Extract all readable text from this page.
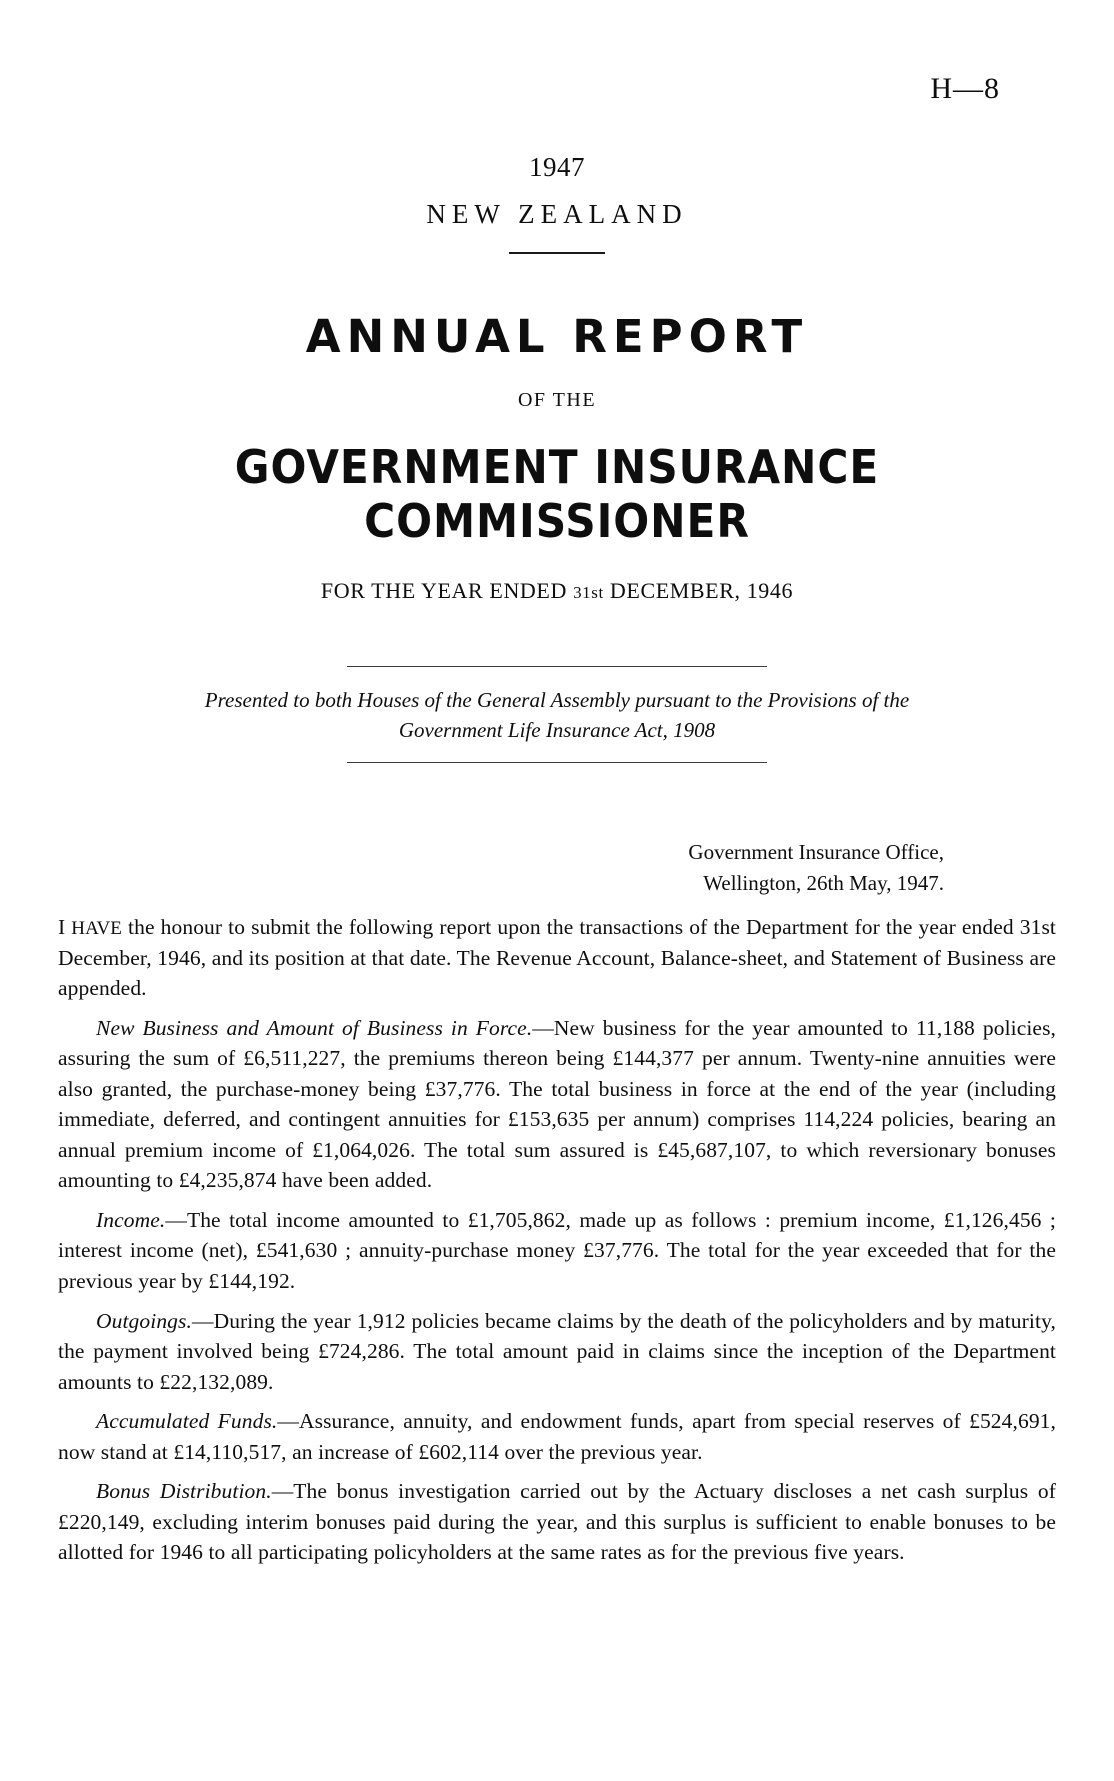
H—8
1947
NEW ZEALAND
ANNUAL REPORT
OF THE
GOVERNMENT INSURANCE COMMISSIONER
FOR THE YEAR ENDED 31st DECEMBER, 1946
Presented to both Houses of the General Assembly pursuant to the Provisions of the
Government Life Insurance Act, 1908
Government Insurance Office,
Wellington, 26th May, 1947.

I HAVE the honour to submit the following report upon the transactions of the Department for the year ended 31st December, 1946, and its position at that date. The Revenue Account, Balance-sheet, and Statement of Business are appended.

New Business and Amount of Business in Force.—New business for the year amounted to 11,188 policies, assuring the sum of £6,511,227, the premiums thereon being £144,377 per annum. Twenty-nine annuities were also granted, the purchase-money being £37,776. The total business in force at the end of the year (including immediate, deferred, and contingent annuities for £153,635 per annum) comprises 114,224 policies, bearing an annual premium income of £1,064,026. The total sum assured is £45,687,107, to which reversionary bonuses amounting to £4,235,874 have been added.

Income.—The total income amounted to £1,705,862, made up as follows : premium income, £1,126,456 ; interest income (net), £541,630 ; annuity-purchase money £37,776. The total for the year exceeded that for the previous year by £144,192.

Outgoings.—During the year 1,912 policies became claims by the death of the policyholders and by maturity, the payment involved being £724,286. The total amount paid in claims since the inception of the Department amounts to £22,132,089.

Accumulated Funds.—Assurance, annuity, and endowment funds, apart from special reserves of £524,691, now stand at £14,110,517, an increase of £602,114 over the previous year.

Bonus Distribution.—The bonus investigation carried out by the Actuary discloses a net cash surplus of £220,149, excluding interim bonuses paid during the year, and this surplus is sufficient to enable bonuses to be allotted for 1946 to all participating policyholders at the same rates as for the previous five years.
